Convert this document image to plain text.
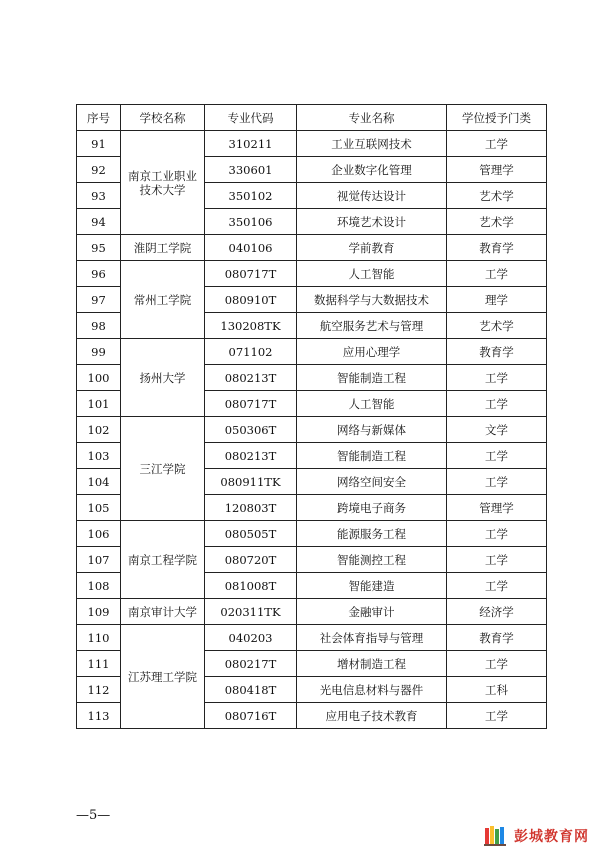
序号	学校名称	专业代码	专业名称	学位授予门类
91	南京工业职业技术大学	310211	工业互联网技术	工学
92		330601	企业数字化管理	管理学
93		350102	视觉传达设计	艺术学
94		350106	环境艺术设计	艺术学
95	淮阴工学院	040106	学前教育	教育学
96	常州工学院	080717T	人工智能	工学
97		080910T	数据科学与大数据技术	理学
98		130208TK	航空服务艺术与管理	艺术学
99	扬州大学	071102	应用心理学	教育学
100		080213T	智能制造工程	工学
101		080717T	人工智能	工学
102	三江学院	050306T	网络与新媒体	文学
103		080213T	智能制造工程	工学
104		080911TK	网络空间安全	工学
105		120803T	跨境电子商务	管理学
106	南京工程学院	080505T	能源服务工程	工学
107		080720T	智能测控工程	工学
108		081008T	智能建造	工学
109	南京审计大学	020311TK	金融审计	经济学
110	江苏理工学院	040203	社会体育指导与管理	教育学
111		080217T	增材制造工程	工学
112		080418T	光电信息材料与器件	工科
113		080716T	应用电子技术教育	工学
—5—
彭城教育网
